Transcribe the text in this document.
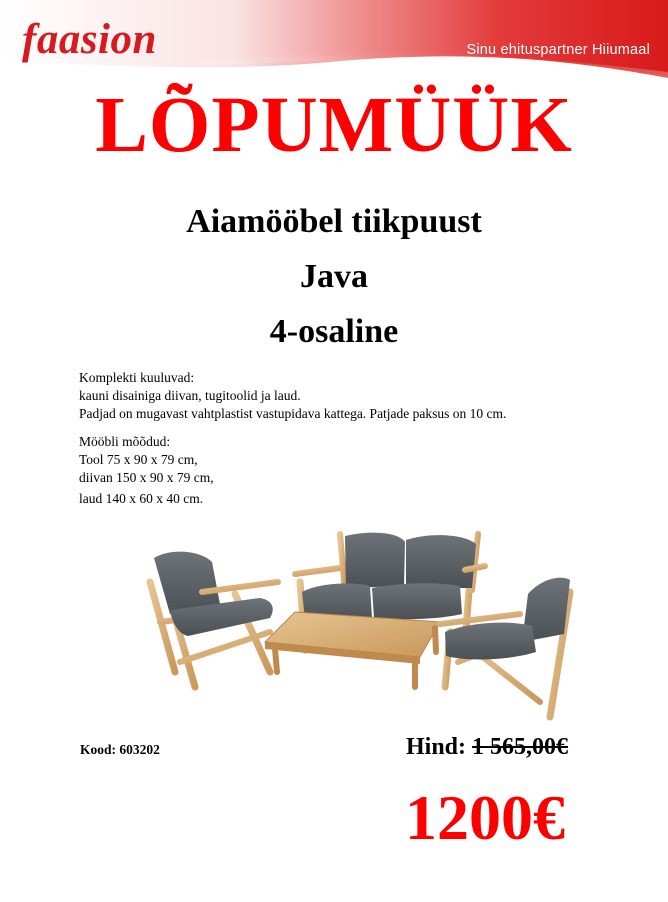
faasion	Sinu ehituspartner Hiiumaal
LÕPUMÜÜK
Aiamööbel tiikpuust
Java
4-osaline
Komplekti kuuluvad:
kauni disainiga diivan, tugitoolid ja laud.
Padjad on mugavast vahtplastist vastupidava kattega. Patjade paksus on 10 cm.
Mööbli mõõdud:
Tool 75 x 90 x 79 cm,
diivan 150 x 90 x 79 cm,
laud 140 x 60 x 40 cm.
Kood: 603202	Hind: 1 565,00€
1200€
